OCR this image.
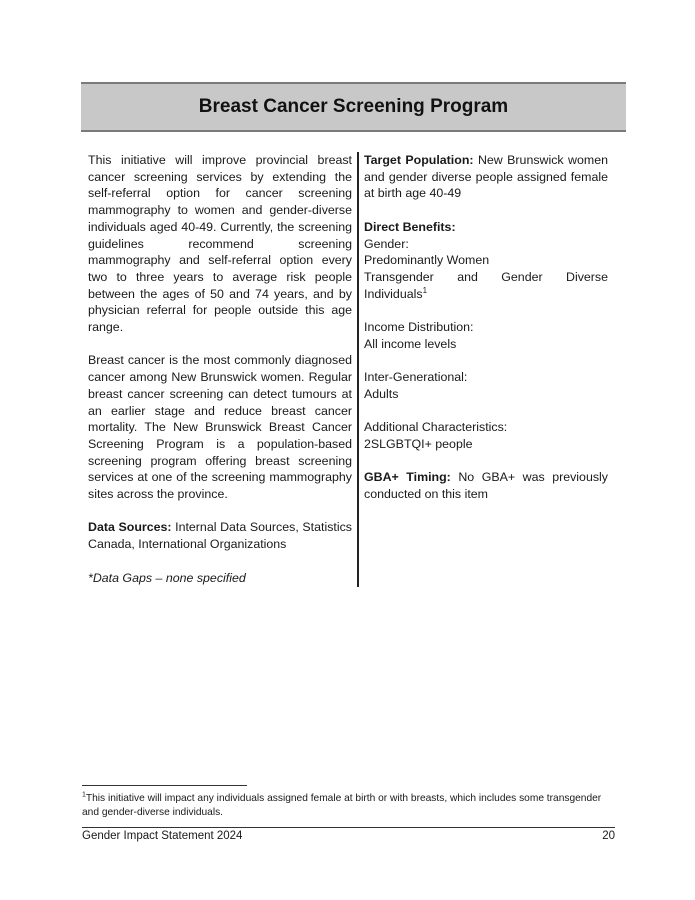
Breast Cancer Screening Program

This initiative will improve provincial breast cancer screening services by extending the self-referral option for cancer screening mammography to women and gender-diverse individuals aged 40-49. Currently, the screening guidelines recommend screening mammography and self-referral option every two to three years to average risk people between the ages of 50 and 74 years, and by physician referral for people outside this age range.

Breast cancer is the most commonly diagnosed cancer among New Brunswick women. Regular breast cancer screening can detect tumours at an earlier stage and reduce breast cancer mortality. The New Brunswick Breast Cancer Screening Program is a population-based screening program offering breast screening services at one of the screening mammography sites across the province.

Data Sources: Internal Data Sources, Statistics Canada, International Organizations

*Data Gaps – none specified

Target Population: New Brunswick women and gender diverse people assigned female at birth age 40-49

Direct Benefits:

Gender:

Predominantly Women

Transgender and Gender Diverse Individuals$^1$

Income Distribution:

All income levels

Inter-Generational:

Adults

Additional Characteristics:

2SLGBTQI+ people

GBA+ Timing: No GBA+ was previously conducted on this item

$^1$This initiative will impact any individuals assigned female at birth or with breasts, which includes some transgender and gender-diverse individuals.

Gender Impact Statement 2024	20
